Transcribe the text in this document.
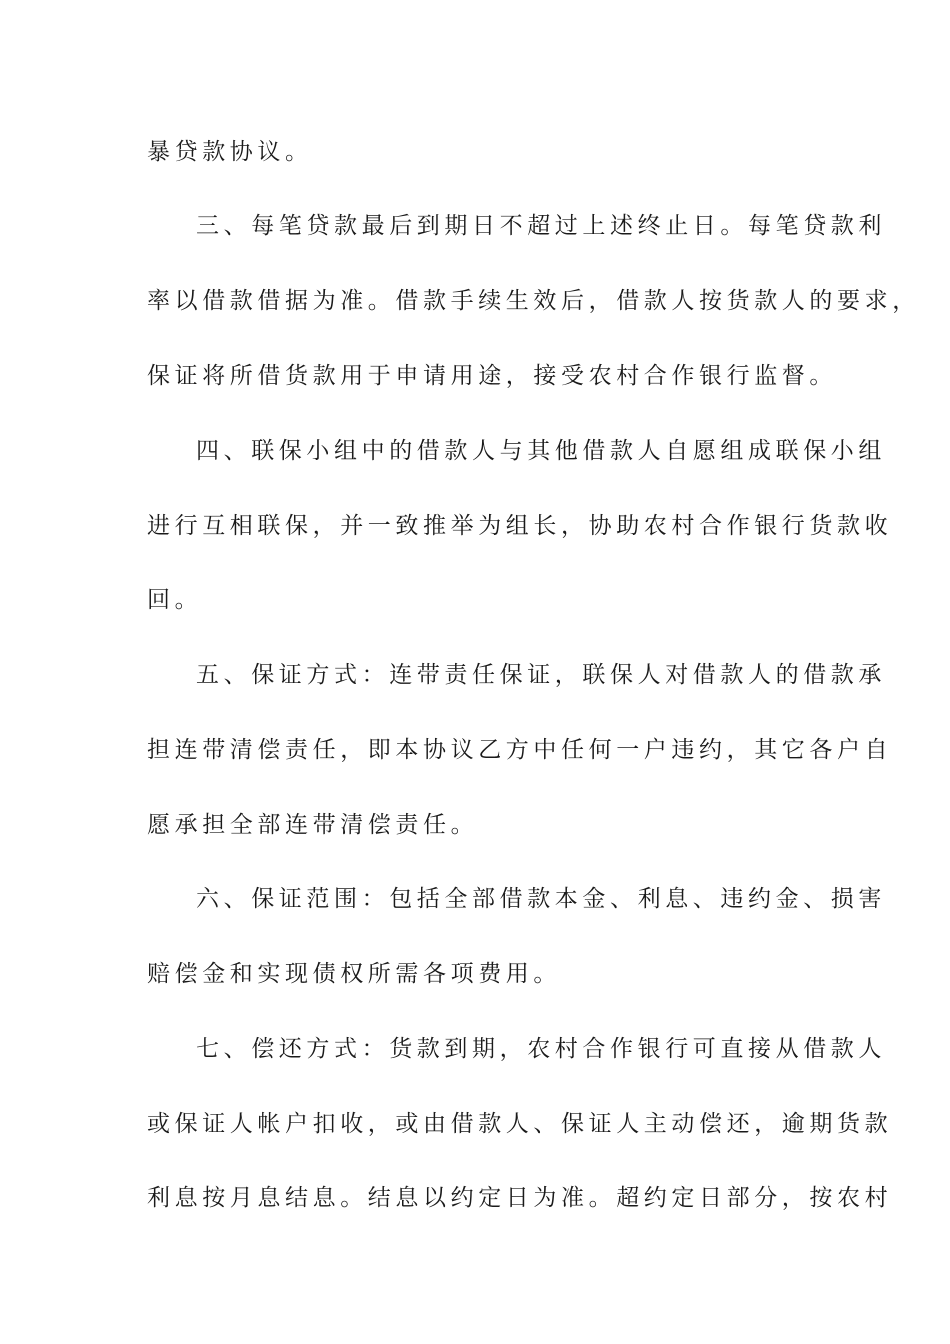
暴贷款协议。
三、每笔贷款最后到期日不超过上述终止日。每笔贷款利
率以借款借据为准。借款手续生效后，借款人按货款人的要求，
保证将所借货款用于申请用途，接受农村合作银行监督。
四、联保小组中的借款人与其他借款人自愿组成联保小组
进行互相联保，并一致推举为组长，协助农村合作银行货款收
回。
五、保证方式：连带责任保证，联保人对借款人的借款承
担连带清偿责任，即本协议乙方中任何一户违约，其它各户自
愿承担全部连带清偿责任。
六、保证范围：包括全部借款本金、利息、违约金、损害
赔偿金和实现债权所需各项费用。
七、偿还方式：货款到期，农村合作银行可直接从借款人
或保证人帐户扣收，或由借款人、保证人主动偿还，逾期货款
利息按月息结息。结息以约定日为准。超约定日部分，按农村
